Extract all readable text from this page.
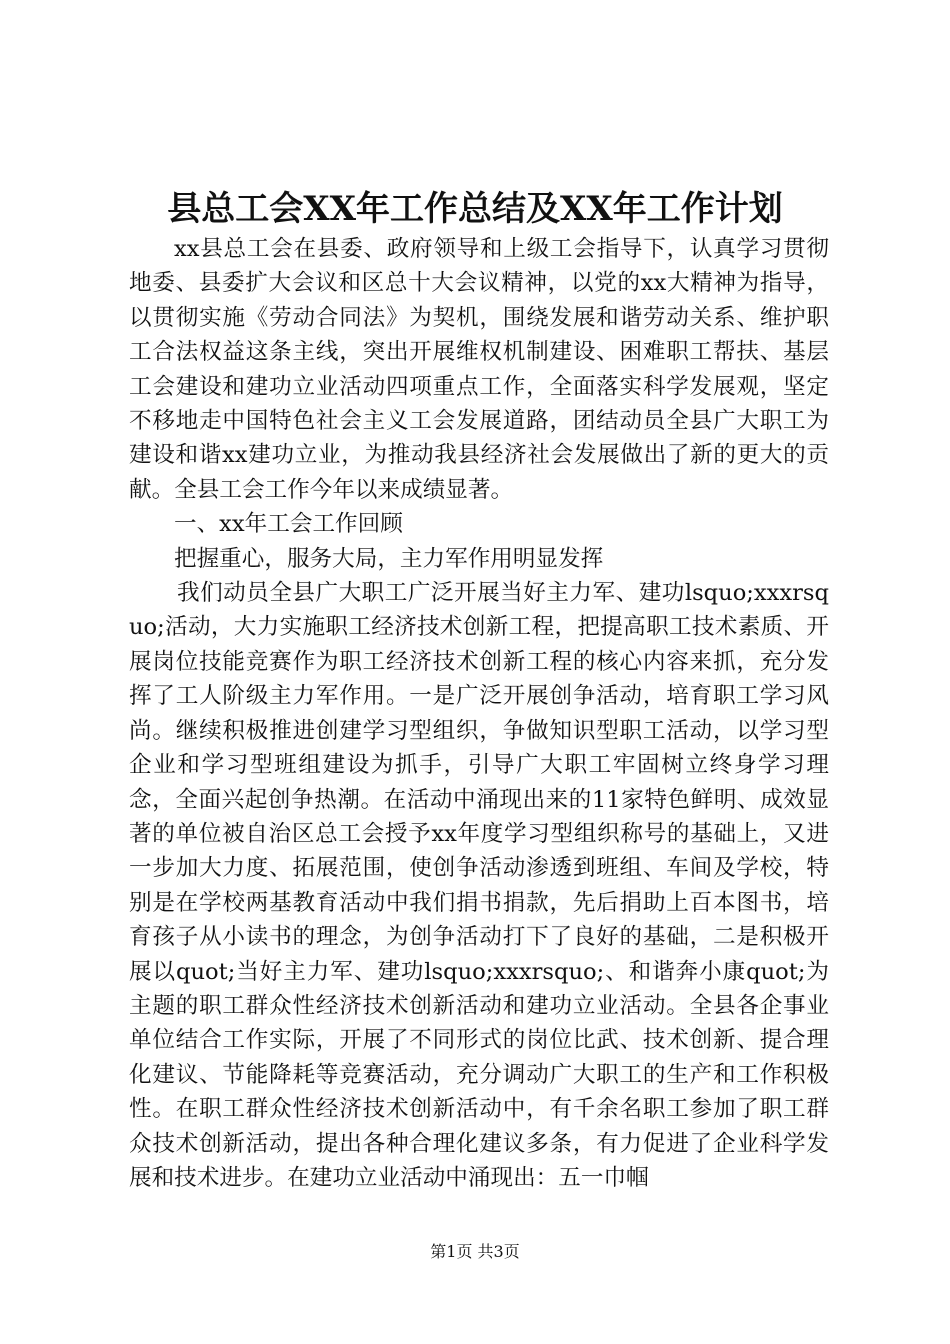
县总工会XX年工作总结及XX年工作计划

xx县总工会在县委、政府领导和上级工会指导下，认真学习贯彻地委、县委扩大会议和区总十大会议精神，以党的xx大精神为指导，以贯彻实施《劳动合同法》为契机，围绕发展和谐劳动关系、维护职工合法权益这条主线，突出开展维权机制建设、困难职工帮扶、基层工会建设和建功立业活动四项重点工作，全面落实科学发展观，坚定不移地走中国特色社会主义工会发展道路，团结动员全县广大职工为建设和谐xx建功立业，为推动我县经济社会发展做出了新的更大的贡献。全县工会工作今年以来成绩显著。

一、xx年工会工作回顾

把握重心，服务大局，主力军作用明显发挥

我们动员全县广大职工广泛开展当好主力军、建功lsquo;xxxrsquo;活动，大力实施职工经济技术创新工程，把提高职工技术素质、开展岗位技能竞赛作为职工经济技术创新工程的核心内容来抓，充分发挥了工人阶级主力军作用。一是广泛开展创争活动，培育职工学习风尚。继续积极推进创建学习型组织，争做知识型职工活动，以学习型企业和学习型班组建设为抓手，引导广大职工牢固树立终身学习理念，全面兴起创争热潮。在活动中涌现出来的11家特色鲜明、成效显著的单位被自治区总工会授予xx年度学习型组织称号的基础上，又进一步加大力度、拓展范围，使创争活动渗透到班组、车间及学校，特别是在学校两基教育活动中我们捐书捐款，先后捐助上百本图书，培育孩子从小读书的理念，为创争活动打下了良好的基础，二是积极开展以quot;当好主力军、建功lsquo;xxxrsquo;、和谐奔小康quot;为主题的职工群众性经济技术创新活动和建功立业活动。全县各企事业单位结合工作实际，开展了不同形式的岗位比武、技术创新、提合理化建议、节能降耗等竞赛活动，充分调动广大职工的生产和工作积极性。在职工群众性经济技术创新活动中，有千余名职工参加了职工群众技术创新活动，提出各种合理化建议多条，有力促进了企业科学发展和技术进步。在建功立业活动中涌现出：五一巾帼

第1页 共3页
